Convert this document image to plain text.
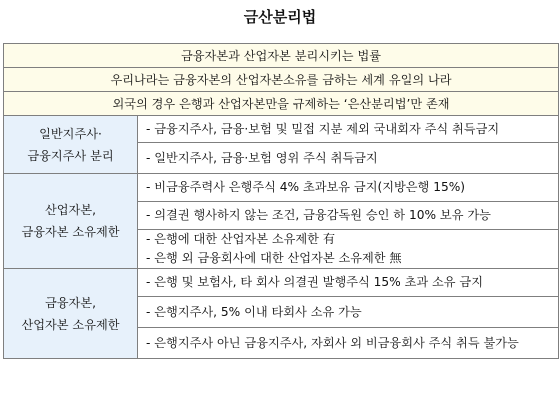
금산분리법
금융자본과 산업자본 분리시키는 법률	
우리나라는 금융자본의 산업자본소유를 금하는 세계 유일의 나라	
외국의 경우 은행과 산업자본만을 규제하는 ‘은산분리법’만 존재	

일반지주사·
금융지주사 분리	- 금융지주사, 금융·보험 및 밀접 지분 제외 국내회자 주식 취득금지
	- 일반지주사, 금융·보험 영위 주식 취득금지

산업자본,
금융자본 소유제한	- 비금융주력사 은행주식 4% 초과보유 금지(지방은행 15%)
	- 의결권 행사하지 않는 조건, 금융감독원 승인 하 10% 보유 가능

	- 은행에 대한 산업자본 소유제한 有
- 은행 외 금융회사에 대한 산업자본 소유제한 無

금융자본,
산업자본 소유제한	- 은행 및 보험사, 타 회사 의결권 발행주식 15% 초과 소유 금지
	- 은행지주사, 5% 이내 타회사 소유 가능
	- 은행지주사 아닌 금융지주사, 자회사 외 비금융회사 주식 취득 불가능
